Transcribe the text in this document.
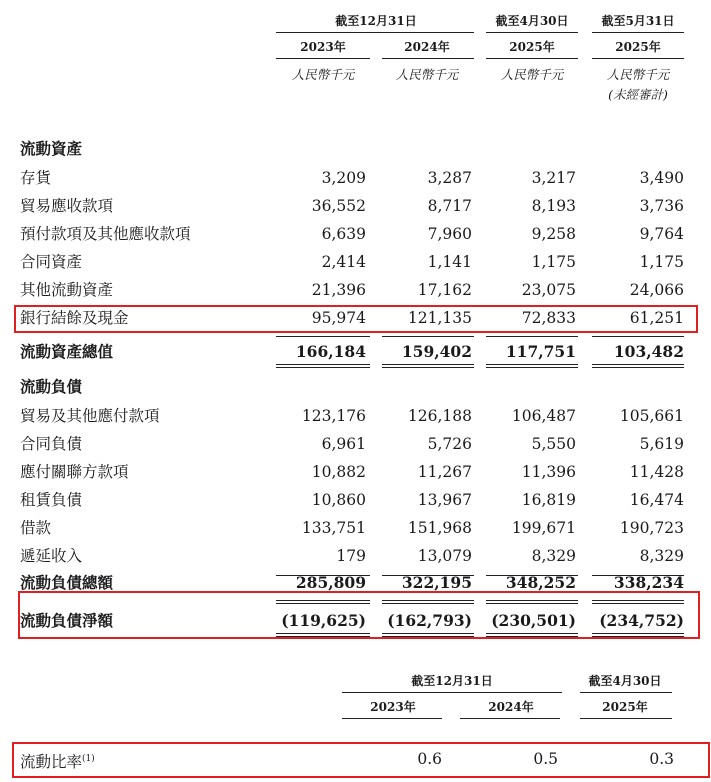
截至12月31日	截至4月30日	截至5月31日
2023年	2024年	2025年	2025年
人民幣千元	人民幣千元	人民幣千元	人民幣千元
(未經審計)
流動資產
存貨	3,209	3,287	3,217	3,490
貿易應收款項	36,552	8,717	8,193	3,736
預付款項及其他應收款項	6,639	7,960	9,258	9,764
合同資產	2,414	1,141	1,175	1,175
其他流動資產	21,396	17,162	23,075	24,066
銀行結餘及現金	95,974	121,135	72,833	61,251
流動資產總值	166,184	159,402	117,751	103,482
流動負債
貿易及其他應付款項	123,176	126,188	106,487	105,661
合同負債	6,961	5,726	5,550	5,619
應付關聯方款項	10,882	11,267	11,396	11,428
租賃負債	10,860	13,967	16,819	16,474
借款	133,751	151,968	199,671	190,723
遞延收入	179	13,079	8,329	8,329
流動負債總額	285,809	322,195	348,252	338,234
流動負債淨額	(119,625)	(162,793)	(230,501)	(234,752)
截至12月31日	截至4月30日
2023年	2024年	2025年
流動比率$^{(1)}$	0.6	0.5	0.3
